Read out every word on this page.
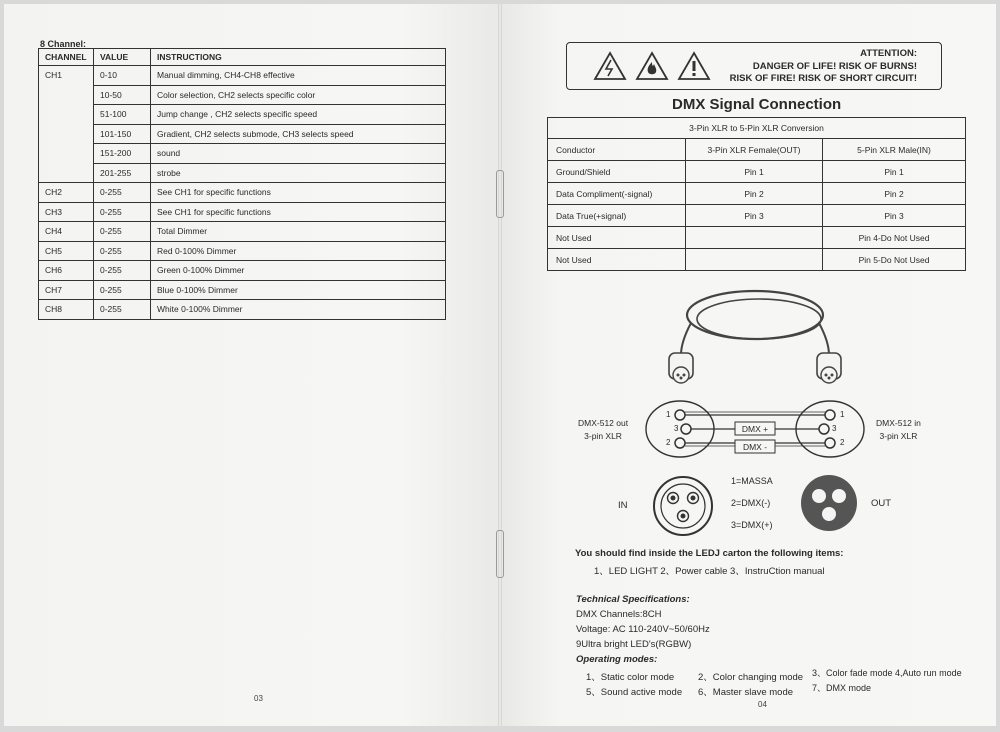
8 Channel:
CHANNEL	VALUE	INSTRUCTIONG
CH1	0-10	Manual dimming, CH4-CH8 effective
	10-50	Color selection, CH2 selects specific color
	51-100	Jump change , CH2 selects specific speed
	101-150	Gradient, CH2 selects submode, CH3 selects speed
	151-200	sound
	201-255	strobe
CH2	0-255	See CH1 for specific functions
CH3	0-255	See CH1 for specific functions
CH4	0-255	Total Dimmer
CH5	0-255	Red 0-100% Dimmer
CH6	0-255	Green 0-100% Dimmer
CH7	0-255	Blue 0-100% Dimmer
CH8	0-255	White 0-100% Dimmer
03
ATTENTION:
DANGER OF LIFE! RISK OF BURNS!
RISK OF FIRE! RISK OF SHORT CIRCUIT!
DMX Signal Connection
3-Pin XLR to 5-Pin XLR Conversion		
Conductor	3-Pin XLR Female(OUT)	5-Pin XLR Male(IN)
Ground/Shield	Pin 1	Pin 1
Data Compliment(-signal)	Pin 2	Pin 2
Data True(+signal)	Pin 3	Pin 3
Not Used		Pin 4-Do Not Used
Not Used		Pin 5-Do Not Used
DMX-512 out
3-pin XLR
DMX-512 in
3-pin XLR
DMX +
DMX -
1
3
2
1
3
2
IN
1=MASSA
2=DMX(-)
3=DMX(+)
OUT
You should find inside the LEDJ carton the following items:
1、LED LIGHT 2、Power cable 3、InstruCtion manual
Technical Specifications:
DMX Channels:8CH
Voltage: AC 110-240V~50/60Hz
9Ultra bright LED's(RGBW)
Operating modes:
1、Static color mode	2、Color changing mode 3、Color fade mode 4,Auto run mode
5、Sound active mode 6、Master slave mode 7、DMX mode
04
